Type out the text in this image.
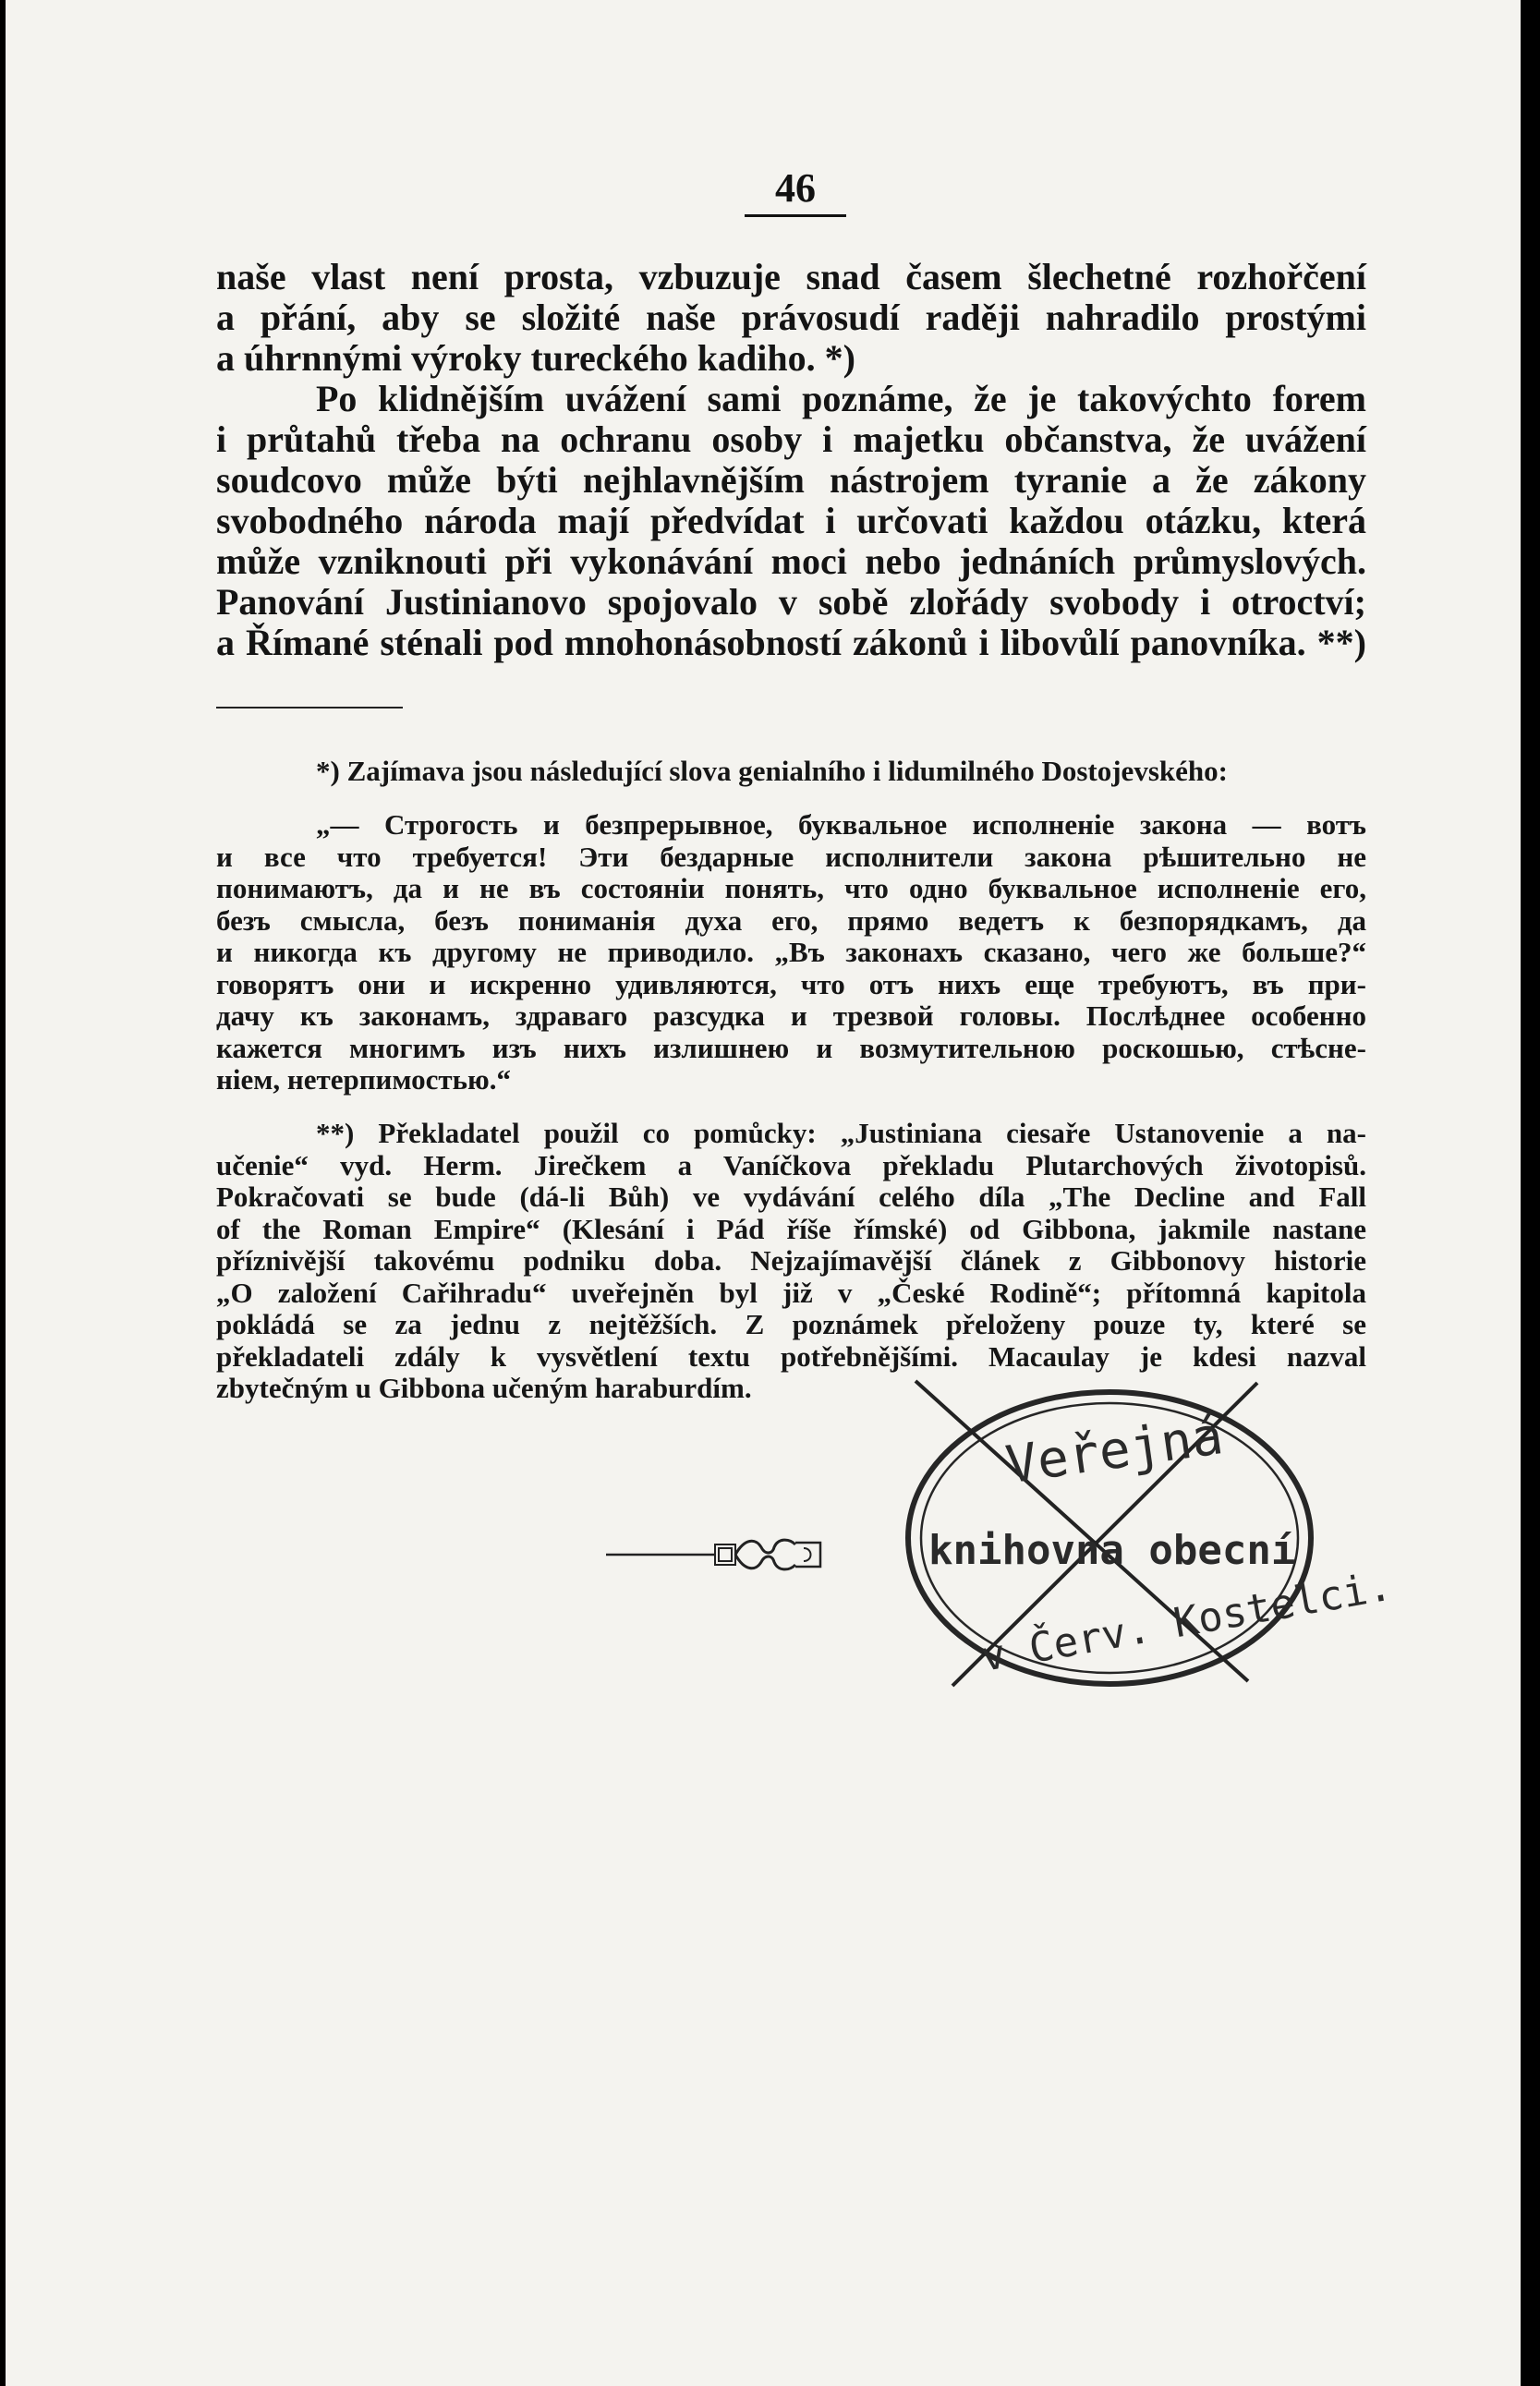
46
naše vlast není prosta, vzbuzuje snad časem šlechetné rozhořčení
a přání, aby se složité naše právosudí raději nahradilo prostými
a úhrnnými výroky tureckého kadiho. *)
Po klidnějším uvážení sami poznáme, že je takovýchto forem
i průtahů třeba na ochranu osoby i majetku občanstva, že uvážení
soudcovo může býti nejhlavnějším nástrojem tyranie a že zákony
svobodného národa mají předvídat i určovati každou otázku, která
může vzniknouti při vykonávání moci nebo jednáních průmyslových.
Panování Justinianovo spojovalo v sobě zlořády svobody i otroctví;
a Římané sténali pod mnohonásobností zákonů i libovůlí panovníka. **)
*) Zajímava jsou následující slova genialního i lidumilného Dostojevského:
„— Строгость и безпрерывное, буквальное исполненіе закона — вотъ
и все что требуется! Эти бездарные исполнители закона рѣшительно не
понимаютъ, да и не въ состояніи понять, что одно буквальное исполненіе его,
безъ смысла, безъ пониманія духа его, прямо ведетъ к безпорядкамъ, да
и никогда къ другому не приводило. „Въ законахъ сказано, чего же больше?“
говорятъ они и искренно удивляются, что отъ нихъ еще требуютъ, въ при-
дачу къ законамъ, здраваго разсудка и трезвой головы. Послѣднее особенно
кажется многимъ изъ нихъ излишнею и возмутительною роскошью, стѣсне-
ніем, нетерпимостью.“
**) Překladatel použil co pomůcky: „Justiniana ciesaře Ustanovenie a na-
učenie“ vyd. Herm. Jirečkem a Vaníčkova překladu Plutarchových životopisů.
Pokračovati se bude (dá-li Bůh) ve vydávání celého díla „The Decline and Fall
of the Roman Empire“ (Klesání i Pád říše římské) od Gibbona, jakmile nastane
příznivější takovému podniku doba. Nejzajímavější článek z Gibbonovy historie
„O založení Cařihradu“ uveřejněn byl již v „České Rodině“; přítomná kapitola
pokládá se za jednu z nejtěžších. Z poznámek přeloženy pouze ty, které se
překladateli zdály k vysvětlení textu potřebnějšími. Macaulay je kdesi nazval
zbytečným u Gibbona učeným haraburdím.
Veřejná
knihovna obecní
v Červ. Kostelci.
